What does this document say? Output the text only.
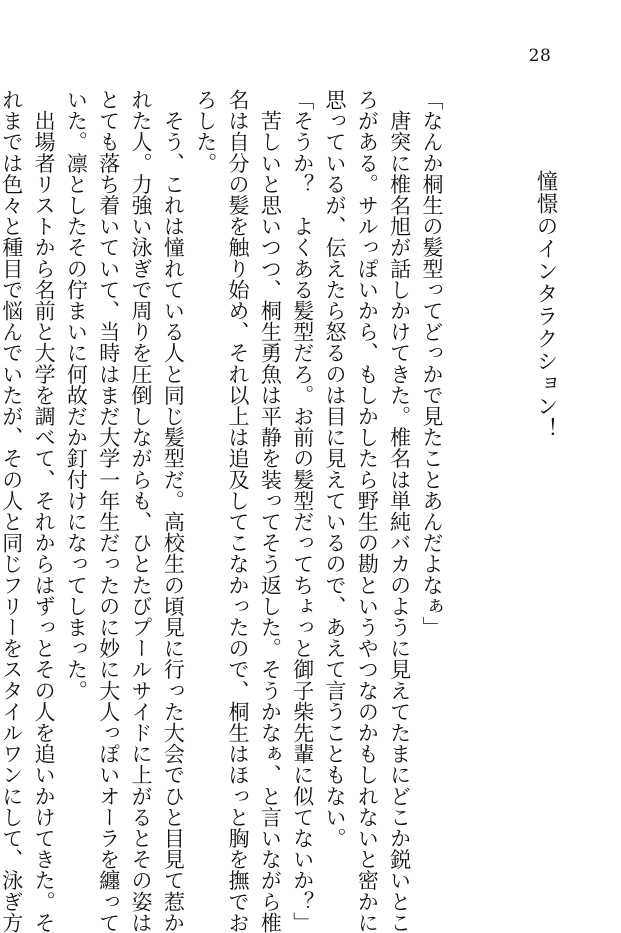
28
憧憬のインタラクション！
「なんか桐生の髪型ってどっかで見たことあんだよなぁ」
　唐突に椎名旭が話しかけてきた。椎名は単純バカのように見えてたまにどこか鋭いとこ
ろがある。サルっぽいから、もしかしたら野生の勘というやつなのかもしれないと密かに
思っているが、伝えたら怒るのは目に見えているので、あえて言うこともない。
「そうか？　よくある髪型だろ。お前の髪型だってちょっと御子柴先輩に似てないか？」
　苦しいと思いつつ、桐生勇魚は平静を装ってそう返した。そうかなぁ、と言いながら椎
名は自分の髪を触り始め、それ以上は追及してこなかったので、桐生はほっと胸を撫でお
ろした。
　そう、これは憧れている人と同じ髪型だ。高校生の頃見に行った大会でひと目見て惹か
れた人。力強い泳ぎで周りを圧倒しながらも、ひとたびプールサイドに上がるとその姿は
とても落ち着いていて、当時はまだ大学一年生だったのに妙に大人っぽいオーラを纏って
いた。凛としたその佇まいに何故だか釘付けになってしまった。
　出場者リストから名前と大学を調べて、それからはずっとその人を追いかけてきた。そ
れまでは色々と種目で悩んでいたが、その人と同じフリーをスタイルワンにして、泳ぎ方
